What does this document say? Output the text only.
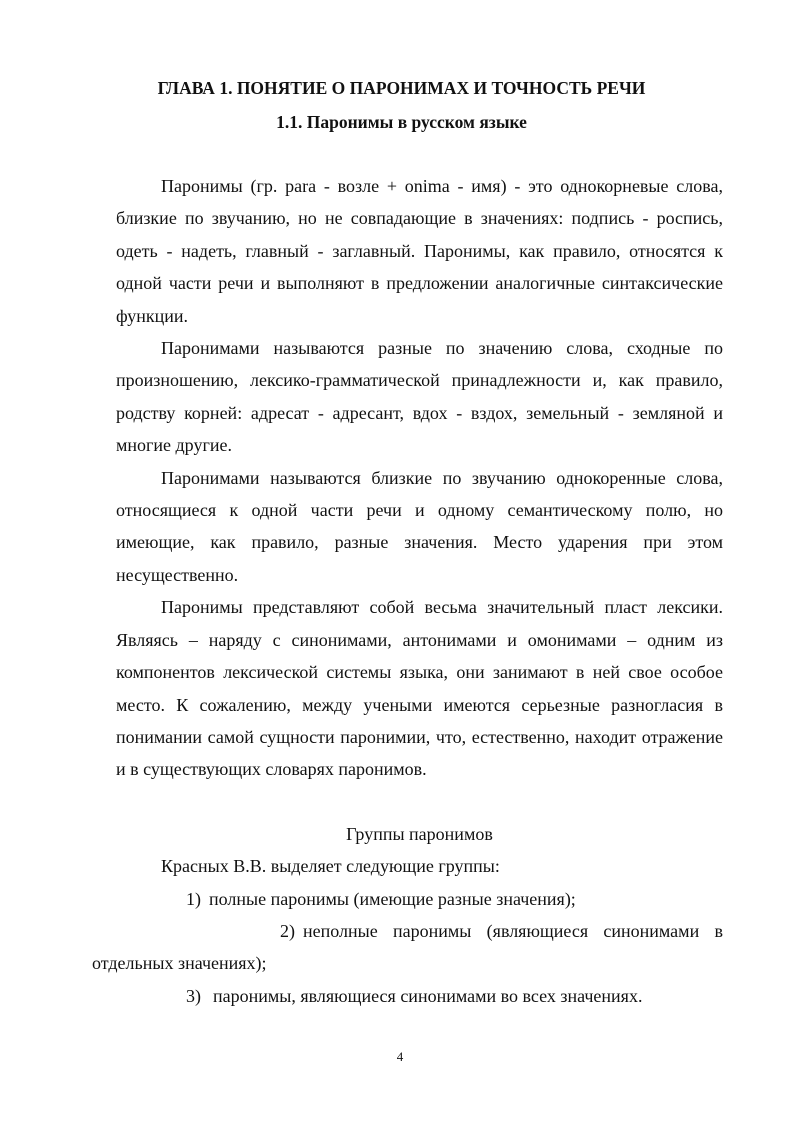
ГЛАВА 1. ПОНЯТИЕ О ПАРОНИМАХ И ТОЧНОСТЬ РЕЧИ
1.1. Паронимы в русском языке

Паронимы (гр. para - возле + onima - имя) - это однокорневые слова, близкие по звучанию, но не совпадающие в значениях: подпись - роспись, одеть - надеть, главный - заглавный. Паронимы, как правило, относятся к одной части речи и выполняют в предложении аналогичные синтаксические функции.

Паронимами называются разные по значению слова, сходные по произношению, лексико-грамматической принадлежности и, как правило, родству корней: адресат - адресант, вдох - вздох, земельный - земляной и многие другие.

Паронимами называются близкие по звучанию однокоренные слова, относящиеся к одной части речи и одному семантическому полю, но имеющие, как правило, разные значения. Место ударения при этом несущественно.

Паронимы представляют собой весьма значительный пласт лексики. Являясь – наряду с синонимами, антонимами и омонимами – одним из компонентов лексической системы языка, они занимают в ней свое особое место. К сожалению, между учеными имеются серьезные разногласия в понимании самой сущности паронимии, что, естественно, находит отражение и в существующих словарях паронимов.

Группы паронимов

Красных В.В. выделяет следующие группы:

1) полные паронимы (имеющие разные значения);
2) неполные паронимы (являющиеся синонимами в отдельных значениях);
3) паронимы, являющиеся синонимами во всех значениях.
4
